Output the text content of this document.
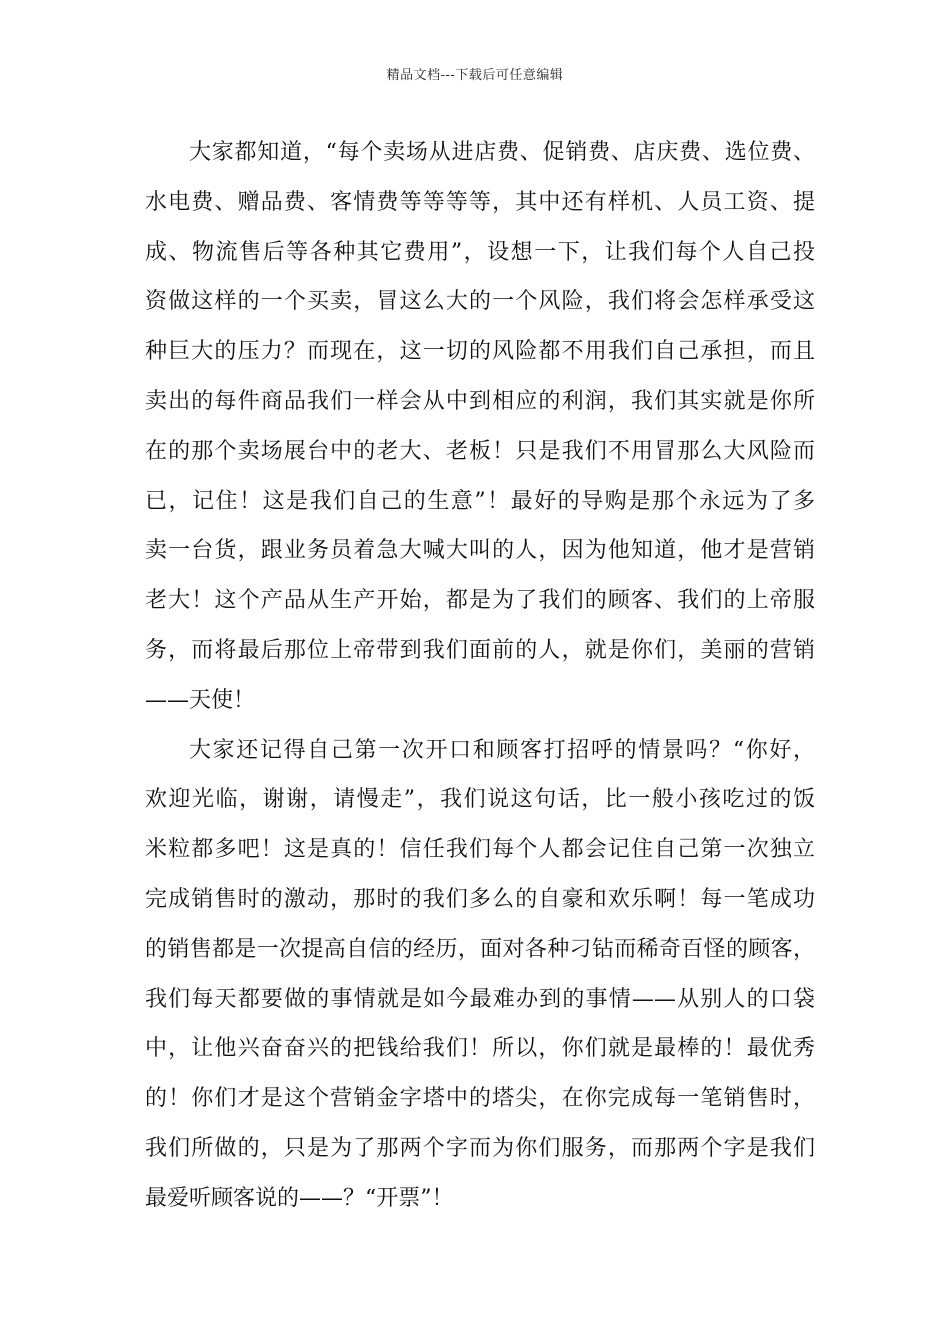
精品文档---下载后可任意编辑
大家都知道，“每个卖场从进店费、促销费、店庆费、选位费、
水电费、赠品费、客情费等等等等，其中还有样机、人员工资、提
成、物流售后等各种其它费用”，设想一下，让我们每个人自己投
资做这样的一个买卖，冒这么大的一个风险，我们将会怎样承受这
种巨大的压力？而现在，这一切的风险都不用我们自己承担，而且
卖出的每件商品我们一样会从中到相应的利润，我们其实就是你所
在的那个卖场展台中的老大、老板！只是我们不用冒那么大风险而
已，记住！这是我们自己的生意”！最好的导购是那个永远为了多
卖一台货，跟业务员着急大喊大叫的人，因为他知道，他才是营销
老大！这个产品从生产开始，都是为了我们的顾客、我们的上帝服
务，而将最后那位上帝带到我们面前的人，就是你们，美丽的营销
——天使！
大家还记得自己第一次开口和顾客打招呼的情景吗？“你好，
欢迎光临，谢谢，请慢走”，我们说这句话，比一般小孩吃过的饭
米粒都多吧！这是真的！信任我们每个人都会记住自己第一次独立
完成销售时的激动，那时的我们多么的自豪和欢乐啊！每一笔成功
的销售都是一次提高自信的经历，面对各种刁钻而稀奇百怪的顾客，
我们每天都要做的事情就是如今最难办到的事情——从别人的口袋
中，让他兴奋奋兴的把钱给我们！所以，你们就是最棒的！最优秀
的！你们才是这个营销金字塔中的塔尖，在你完成每一笔销售时，
我们所做的，只是为了那两个字而为你们服务，而那两个字是我们
最爱听顾客说的——？“开票”！
